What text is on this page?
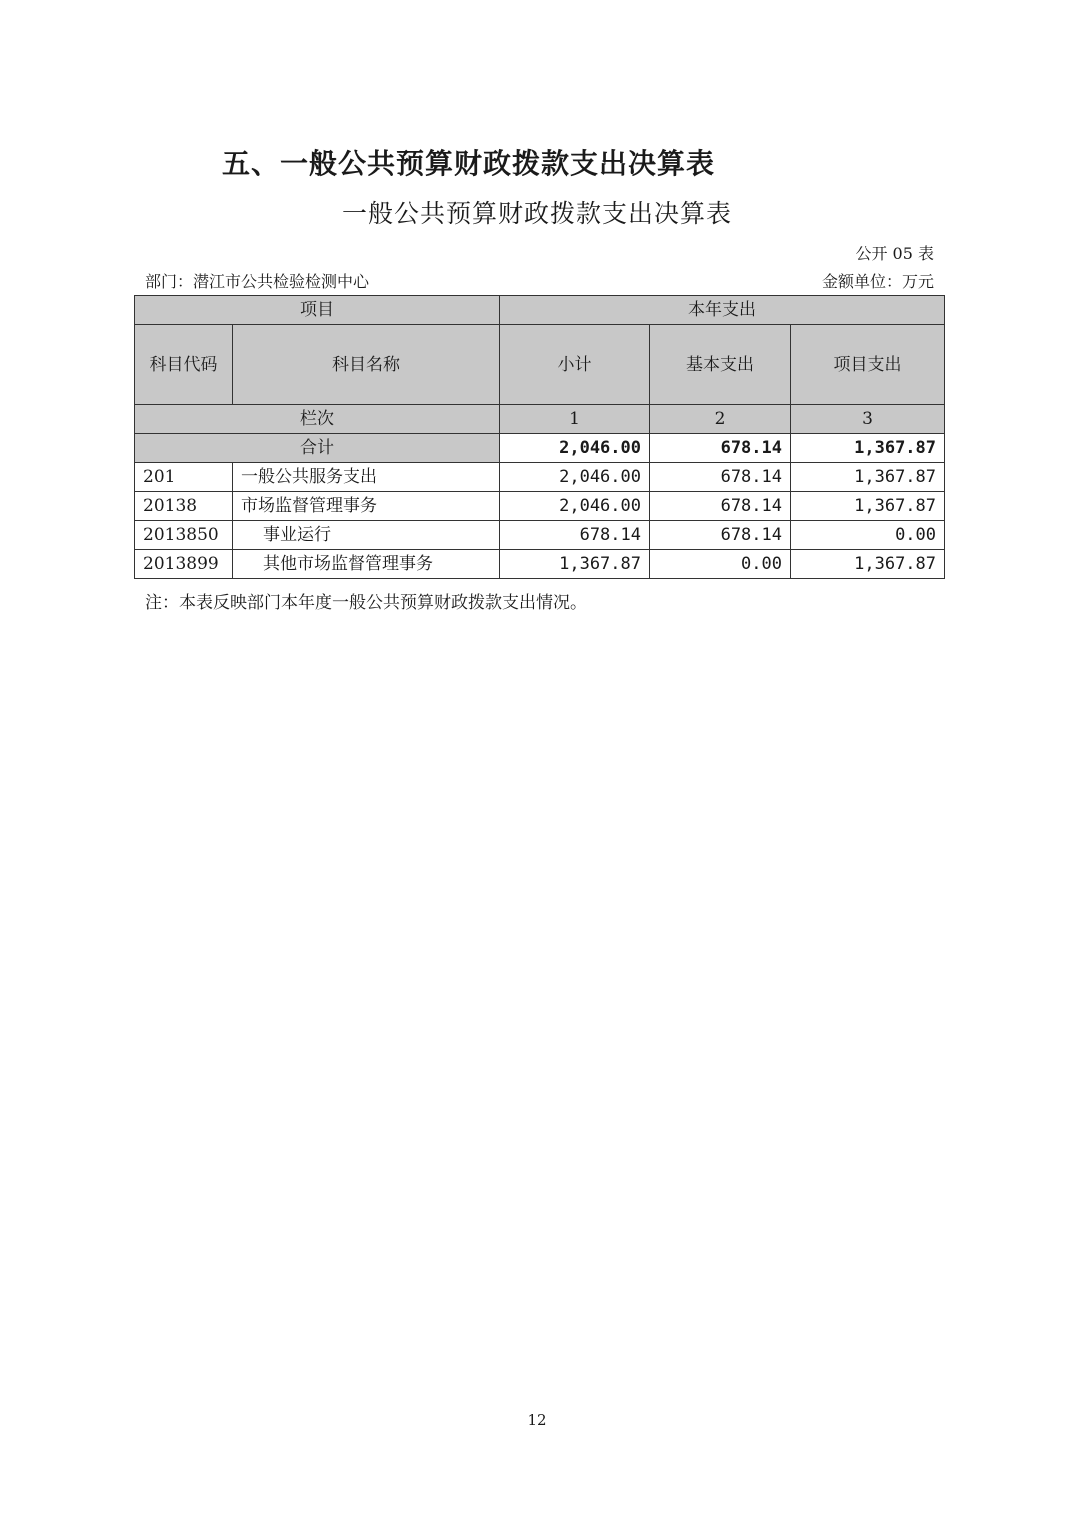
五、一般公共预算财政拨款支出决算表
一般公共预算财政拨款支出决算表
公开 05 表
部门：潜江市公共检验检测中心	金额单位：万元
项目		本年支出		
科目代码	科目名称	小计	基本支出	项目支出
栏次		1	2	3
合计		2,046.00	678.14	1,367.87
201	一般公共服务支出	2,046.00	678.14	1,367.87
20138	市场监督管理事务	2,046.00	678.14	1,367.87
2013850	事业运行	678.14	678.14	0.00
2013899	其他市场监督管理事务	1,367.87	0.00	1,367.87
注：本表反映部门本年度一般公共预算财政拨款支出情况。
12
